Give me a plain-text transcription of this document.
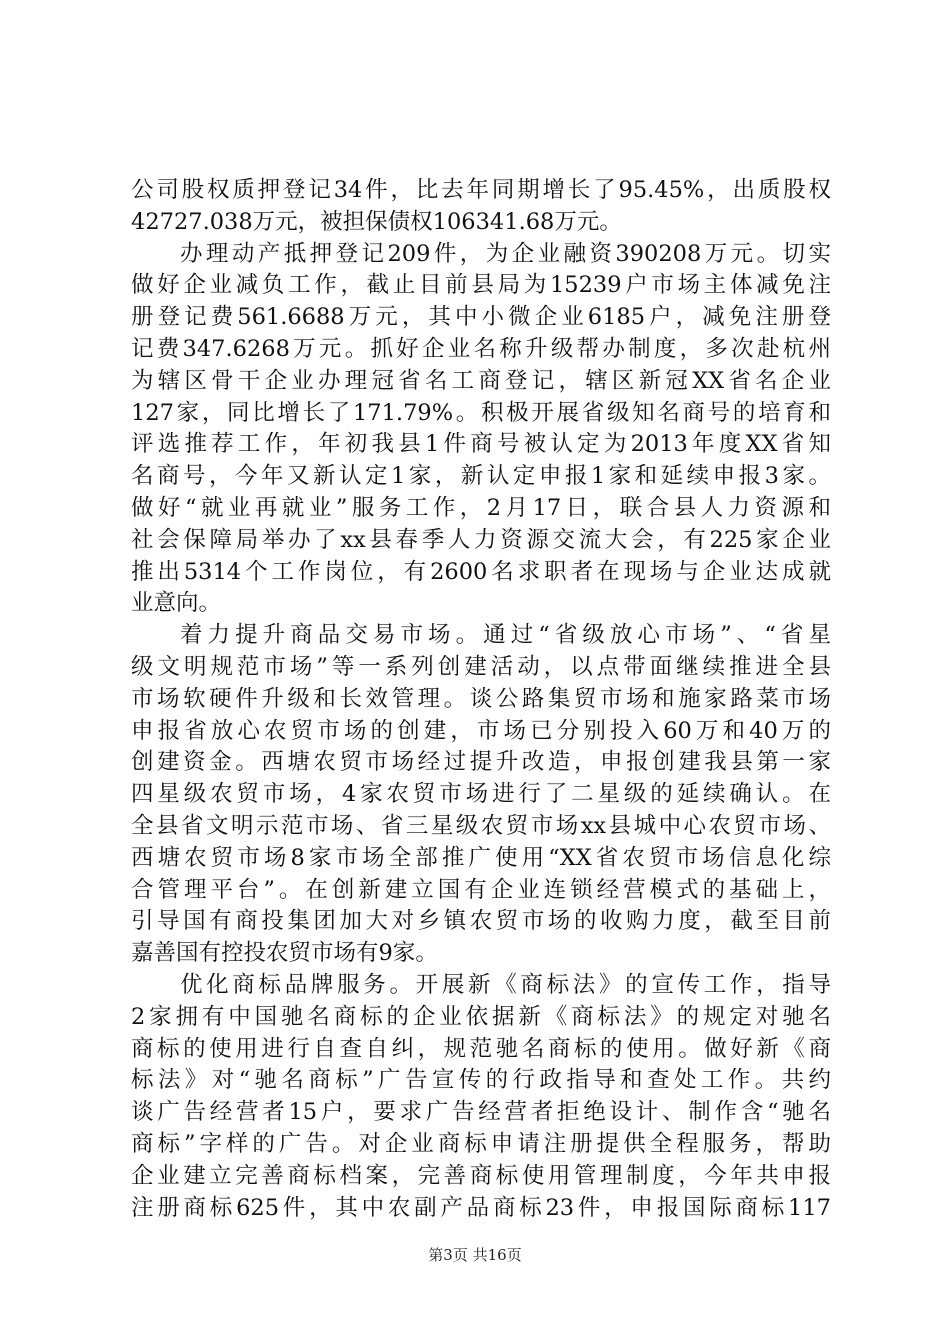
公司股权质押登记34件，比去年同期增长了95.45%，出质股权
42727.038万元，被担保债权106341.68万元。
办理动产抵押登记209件，为企业融资390208万元。切实
做好企业减负工作，截止目前县局为15239户市场主体减免注
册登记费561.6688万元，其中小微企业6185户，减免注册登
记费347.6268万元。抓好企业名称升级帮办制度，多次赴杭州
为辖区骨干企业办理冠省名工商登记，辖区新冠XX省名企业
127家，同比增长了171.79%。积极开展省级知名商号的培育和
评选推荐工作，年初我县1件商号被认定为2013年度XX省知
名商号，今年又新认定1家，新认定申报1家和延续申报3家。
做好“就业再就业”服务工作，2月17日，联合县人力资源和
社会保障局举办了xx县春季人力资源交流大会，有225家企业
推出5314个工作岗位，有2600名求职者在现场与企业达成就
业意向。
着力提升商品交易市场。通过“省级放心市场”、“省星
级文明规范市场”等一系列创建活动，以点带面继续推进全县
市场软硬件升级和长效管理。谈公路集贸市场和施家路菜市场
申报省放心农贸市场的创建，市场已分别投入60万和40万的
创建资金。西塘农贸市场经过提升改造，申报创建我县第一家
四星级农贸市场，4家农贸市场进行了二星级的延续确认。在
全县省文明示范市场、省三星级农贸市场xx县城中心农贸市场、
西塘农贸市场8家市场全部推广使用“XX省农贸市场信息化综
合管理平台”。在创新建立国有企业连锁经营模式的基础上，
引导国有商投集团加大对乡镇农贸市场的收购力度，截至目前
嘉善国有控投农贸市场有9家。
优化商标品牌服务。开展新《商标法》的宣传工作，指导
2家拥有中国驰名商标的企业依据新《商标法》的规定对驰名
商标的使用进行自查自纠，规范驰名商标的使用。做好新《商
标法》对“驰名商标”广告宣传的行政指导和查处工作。共约
谈广告经营者15户，要求广告经营者拒绝设计、制作含“驰名
商标”字样的广告。对企业商标申请注册提供全程服务，帮助
企业建立完善商标档案，完善商标使用管理制度，今年共申报
注册商标625件，其中农副产品商标23件，申报国际商标117
第3页 共16页
